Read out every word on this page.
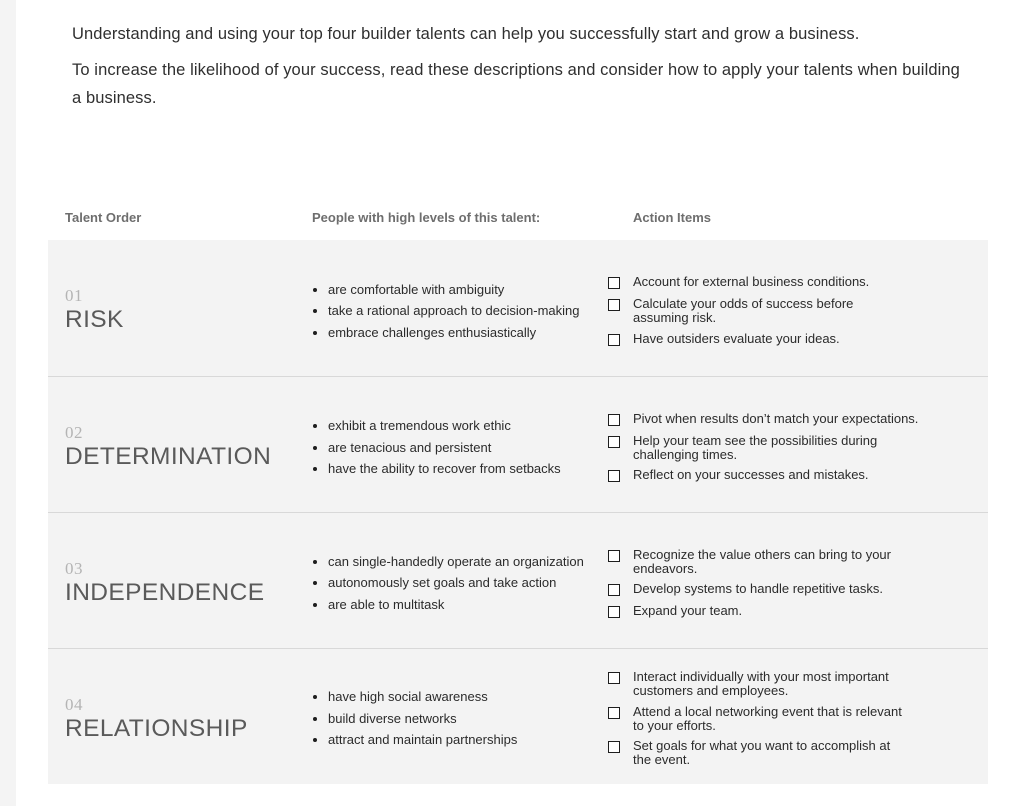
Understanding and using your top four builder talents can help you successfully start and grow a business.

To increase the likelihood of your success, read these descriptions and consider how to apply your talents when building a business.

Talent Order	People with high levels of this talent:	Action Items
01
RISK
are comfortable with ambiguity
take a rational approach to decision-making
embrace challenges enthusiastically
Account for external business conditions.
Calculate your odds of success before assuming risk.
Have outsiders evaluate your ideas.
02
DETERMINATION
exhibit a tremendous work ethic
are tenacious and persistent
have the ability to recover from setbacks
Pivot when results don’t match your expectations.
Help your team see the possibilities during challenging times.
Reflect on your successes and mistakes.
03
INDEPENDENCE
can single-handedly operate an organization
autonomously set goals and take action
are able to multitask
Recognize the value others can bring to your endeavors.
Develop systems to handle repetitive tasks.
Expand your team.
04
RELATIONSHIP
have high social awareness
build diverse networks
attract and maintain partnerships
Interact individually with your most important customers and employees.
Attend a local networking event that is relevant to your efforts.
Set goals for what you want to accomplish at the event.
